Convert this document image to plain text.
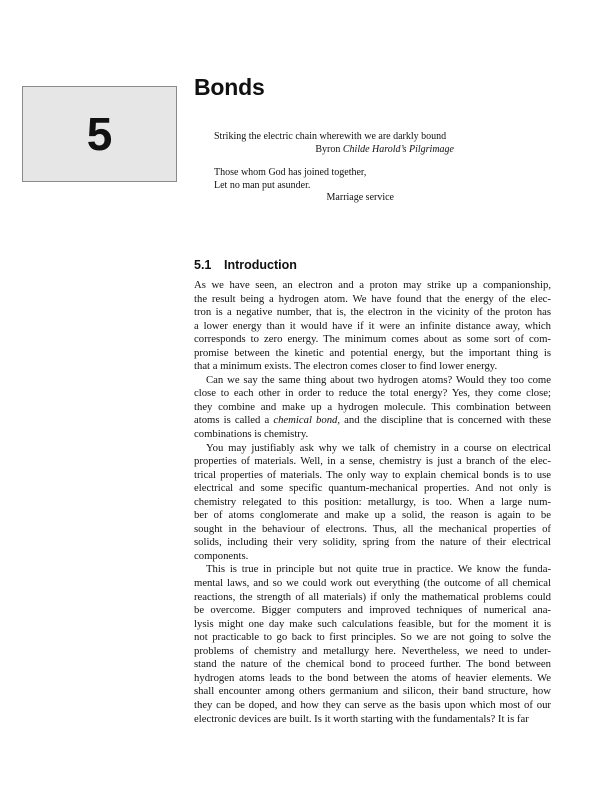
5
Bonds
Striking the electric chain wherewith we are darkly bound
Byron Childe Harold’s Pilgrimage
Those whom God has joined together,
Let no man put asunder.
Marriage service
5.1 Introduction
As we have seen, an electron and a proton may strike up a companionship,
the result being a hydrogen atom. We have found that the energy of the elec-
tron is a negative number, that is, the electron in the vicinity of the proton has
a lower energy than it would have if it were an infinite distance away, which
corresponds to zero energy. The minimum comes about as some sort of com-
promise between the kinetic and potential energy, but the important thing is
that a minimum exists. The electron comes closer to find lower energy.
Can we say the same thing about two hydrogen atoms? Would they too come
close to each other in order to reduce the total energy? Yes, they come close;
they combine and make up a hydrogen molecule. This combination between
atoms is called a chemical bond, and the discipline that is concerned with these
combinations is chemistry.
You may justifiably ask why we talk of chemistry in a course on electrical
properties of materials. Well, in a sense, chemistry is just a branch of the elec-
trical properties of materials. The only way to explain chemical bonds is to use
electrical and some specific quantum-mechanical properties. And not only is
chemistry relegated to this position: metallurgy, is too. When a large num-
ber of atoms conglomerate and make up a solid, the reason is again to be
sought in the behaviour of electrons. Thus, all the mechanical properties of
solids, including their very solidity, spring from the nature of their electrical
components.
This is true in principle but not quite true in practice. We know the funda-
mental laws, and so we could work out everything (the outcome of all chemical
reactions, the strength of all materials) if only the mathematical problems could
be overcome. Bigger computers and improved techniques of numerical ana-
lysis might one day make such calculations feasible, but for the moment it is
not practicable to go back to first principles. So we are not going to solve the
problems of chemistry and metallurgy here. Nevertheless, we need to under-
stand the nature of the chemical bond to proceed further. The bond between
hydrogen atoms leads to the bond between the atoms of heavier elements. We
shall encounter among others germanium and silicon, their band structure, how
they can be doped, and how they can serve as the basis upon which most of our
electronic devices are built. Is it worth starting with the fundamentals? It is far
